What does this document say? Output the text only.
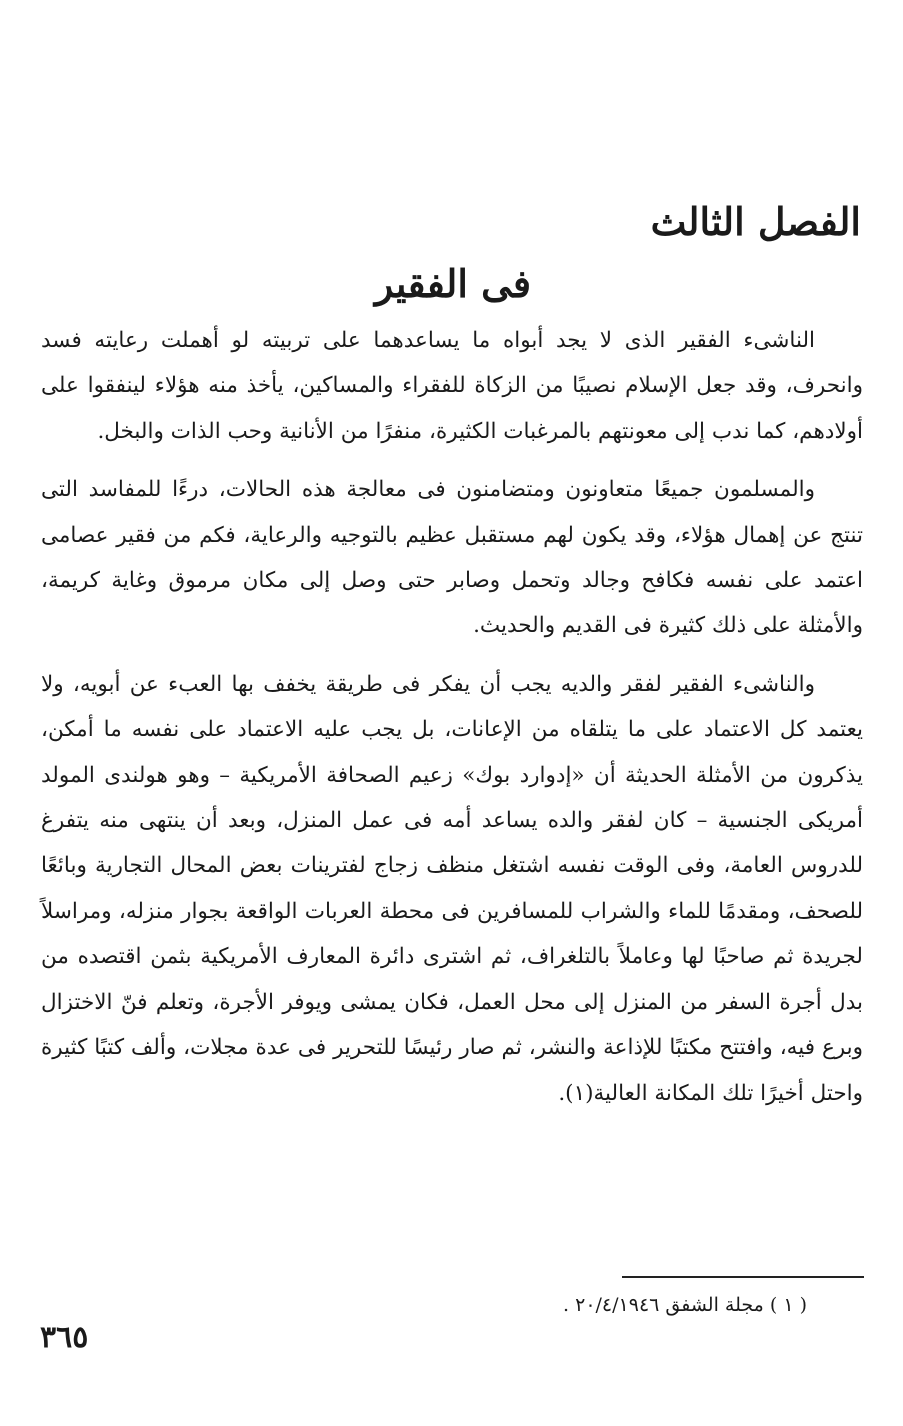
الفصل الثالث
فى الفقير

الناشىء الفقير الذى لا يجد أبواه ما يساعدهما على تربيته لو أهملت رعايته فسد وانحرف، وقد جعل الإسلام نصيبًا من الزكاة للفقراء والمساكين، يأخذ منه هؤلاء لينفقوا على أولادهم، كما ندب إلى معونتهم بالمرغبات الكثيرة، منفرًا من الأنانية وحب الذات والبخل.

والمسلمون جميعًا متعاونون ومتضامنون فى معالجة هذه الحالات، درءًا للمفاسد التى تنتج عن إهمال هؤلاء، وقد يكون لهم مستقبل عظيم بالتوجيه والرعاية، فكم من فقير عصامى اعتمد على نفسه فكافح وجالد وتحمل وصابر حتى وصل إلى مكان مرموق وغاية كريمة، والأمثلة على ذلك كثيرة فى القديم والحديث.

والناشىء الفقير لفقر والديه يجب أن يفكر فى طريقة يخفف بها العبء عن أبويه، ولا يعتمد كل الاعتماد على ما يتلقاه من الإعانات، بل يجب عليه الاعتماد على نفسه ما أمكن، يذكرون من الأمثلة الحديثة أن «إدوارد بوك» زعيم الصحافة الأمريكية – وهو هولندى المولد أمريكى الجنسية – كان لفقر والده يساعد أمه فى عمل المنزل، وبعد أن ينتهى منه يتفرغ للدروس العامة، وفى الوقت نفسه اشتغل منظف زجاج لفترينات بعض المحال التجارية وبائعًا للصحف، ومقدمًا للماء والشراب للمسافرين فى محطة العربات الواقعة بجوار منزله، ومراسلاً لجريدة ثم صاحبًا لها وعاملاً بالتلغراف، ثم اشترى دائرة المعارف الأمريكية بثمن اقتصده من بدل أجرة السفر من المنزل إلى محل العمل، فكان يمشى ويوفر الأجرة، وتعلم فنّ الاختزال وبرع فيه، وافتتح مكتبًا للإذاعة والنشر، ثم صار رئيسًا للتحرير فى عدة مجلات، وألف كتبًا كثيرة واحتل أخيرًا تلك المكانة العالية(١).

( ١ ) مجلة الشفق ٢٠/٤/١٩٤٦ .

٣٦٥
